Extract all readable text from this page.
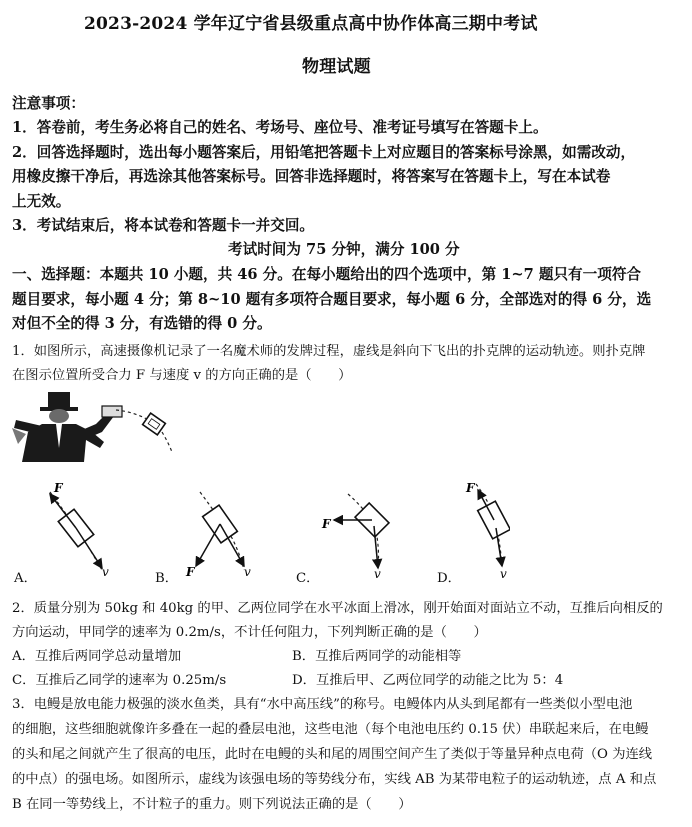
2023-2024 学年辽宁省县级重点高中协作体高三期中考试
物理试题
注意事项：
1．答卷前，考生务必将自己的姓名、考场号、座位号、准考证号填写在答题卡上。
2．回答选择题时，选出每小题答案后，用铅笔把答题卡上对应题目的答案标号涂黑，如需改动，
用橡皮擦干净后，再选涂其他答案标号。回答非选择题时，将答案写在答题卡上，写在本试卷
上无效。
3．考试结束后，将本试卷和答题卡一并交回。
考试时间为 75 分钟，满分 100 分
一、选择题：本题共 10 小题，共 46 分。在每小题给出的四个选项中，第 1~7 题只有一项符合
题目要求，每小题 4 分；第 8~10 题有多项符合题目要求，每小题 6 分，全部选对的得 6 分，选
对但不全的得 3 分，有选错的得 0 分。
1．如图所示，高速摄像机记录了一名魔术师的发牌过程，虚线是斜向下飞出的扑克牌的运动轨迹。则扑克牌
在图示位置所受合力 F 与速度 v 的方向正确的是（　　）
F
v	F	v
F
v
F
v
A．	B．	C．	D．
2．质量分别为 50kg 和 40kg 的甲、乙两位同学在水平冰面上滑冰，刚开始面对面站立不动，互推后向相反的
方向运动，甲同学的速率为 0.2m/s，不计任何阻力，下列判断正确的是（　　）
A．互推后两同学总动量增加	B．互推后两同学的动能相等
C．互推后乙同学的速率为 0.25m/s	D．互推后甲、乙两位同学的动能之比为 5：4
3．电鳗是放电能力极强的淡水鱼类，具有“水中高压线”的称号。电鳗体内从头到尾都有一些类似小型电池
的细胞，这些细胞就像许多叠在一起的叠层电池，这些电池（每个电池电压约 0.15 伏）串联起来后，在电鳗
的头和尾之间就产生了很高的电压，此时在电鳗的头和尾的周围空间产生了类似于等量异种点电荷（O 为连线
的中点）的强电场。如图所示，虚线为该强电场的等势线分布，实线 AB 为某带电粒子的运动轨迹，点 A 和点
B 在同一等势线上，不计粒子的重力。则下列说法正确的是（　　）
